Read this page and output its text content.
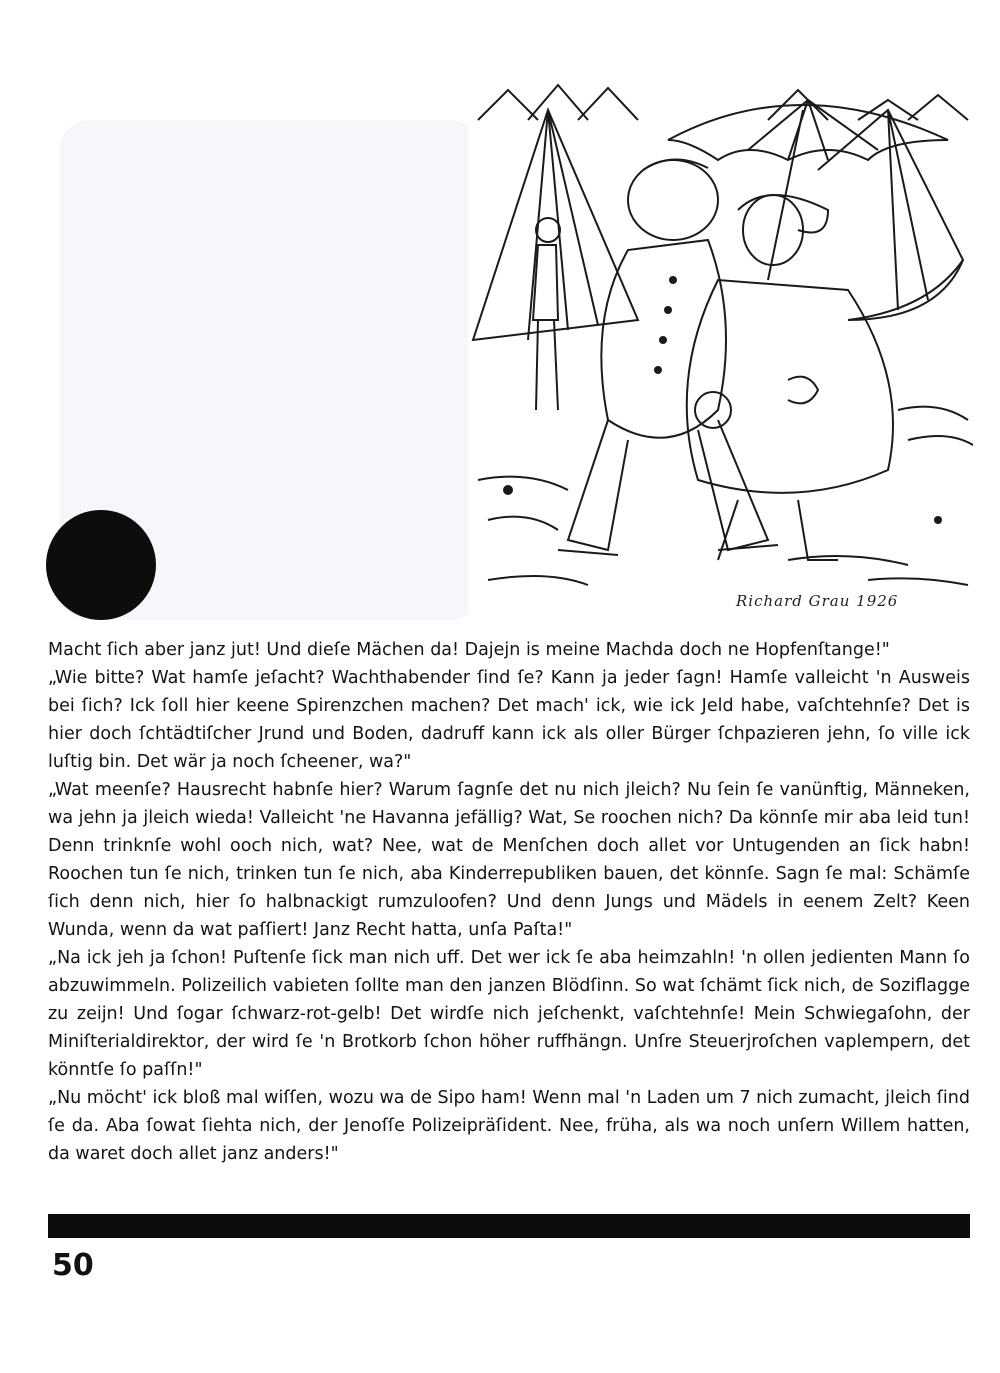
Richard Grau 1926

Macht ſich aber janz jut! Und dieſe Mächen da! Dajejn is meine Machda doch ne Hopfenſtange!"

„Wie bitte? Wat hamſe jeſacht? Wachthabender ſind ſe? Kann ja jeder ſagn! Hamſe valleicht 'n Ausweis bei ſich? Ick ſoll hier keene Spirenzchen machen? Det mach' ick, wie ick Jeld habe, vaſchtehnſe? Det is hier doch ſchtädtiſcher Jrund und Boden, dadruff kann ick als oller Bürger ſchpazieren jehn, ſo ville ick luſtig bin. Det wär ja noch ſcheener, wa?"

„Wat meenſe? Hausrecht habnſe hier? Warum ſagnſe det nu nich jleich? Nu ſein ſe vanünftig, Männeken, wa jehn ja jleich wieda! Valleicht 'ne Havanna jefällig? Wat, Se roochen nich? Da könnſe mir aba leid tun! Denn trinknſe wohl ooch nich, wat? Nee, wat de Menſchen doch allet vor Untugenden an ſick habn! Roochen tun ſe nich, trinken tun ſe nich, aba Kinderrepubliken bauen, det könnſe. Sagn ſe mal: Schämſe ſich denn nich, hier ſo halbnackigt rumzuloofen? Und denn Jungs und Mädels in eenem Zelt? Keen Wunda, wenn da wat paſſiert! Janz Recht hatta, unſa Paſta!"

„Na ick jeh ja ſchon! Puſtenſe ſick man nich uff. Det wer ick ſe aba heimzahln! 'n ollen jedienten Mann ſo abzuwimmeln. Polizeilich vabieten ſollte man den janzen Blödſinn. So wat ſchämt ſick nich, de Soziflagge zu zeijn! Und ſogar ſchwarz-rot-gelb! Det wirdſe nich jeſchenkt, vaſchtehnſe! Mein Schwiegaſohn, der Miniſterialdirektor, der wird ſe 'n Brotkorb ſchon höher ruffhängn. Unſre Steuerjroſchen vaplempern, det könntſe ſo paſſn!"

„Nu möcht' ick bloß mal wiſſen, wozu wa de Sipo ham! Wenn mal 'n Laden um 7 nich zumacht, jleich ſind ſe da. Aba ſowat ſiehta nich, der Jenoſſe Polizeipräſident. Nee, früha, als wa noch unſern Willem hatten, da waret doch allet janz anders!"

50
